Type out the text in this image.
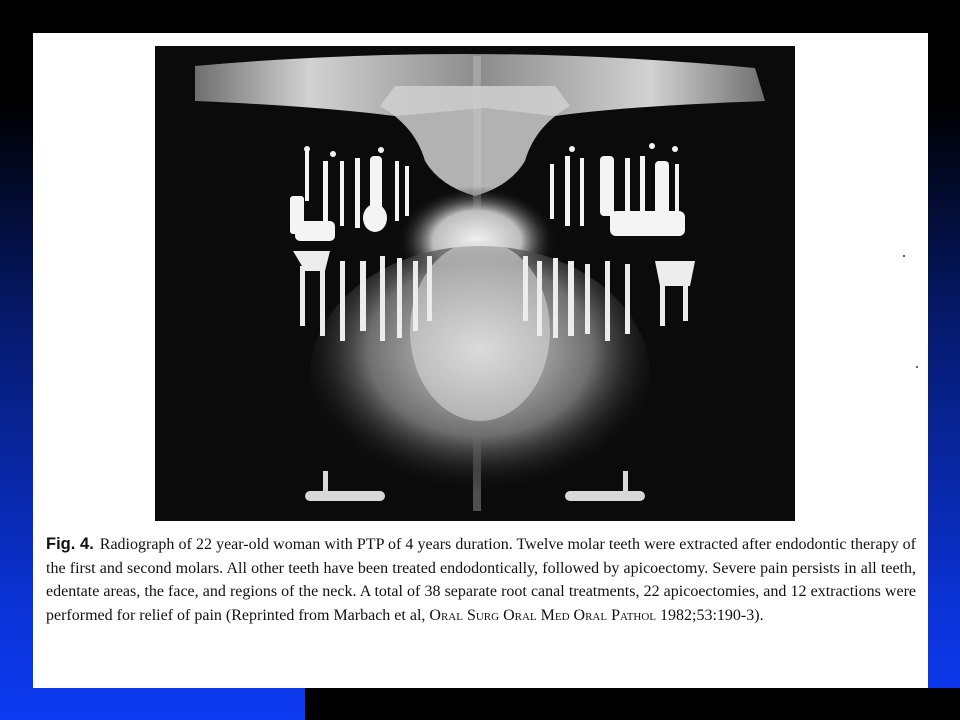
Fig. 4. Radiograph of 22 year-old woman with PTP of 4 years duration. Twelve molar teeth were extracted after endodontic therapy of the first and second molars. All other teeth have been treated endodontically, followed by apicoectomy. Severe pain persists in all teeth, edentate areas, the face, and regions of the neck. A total of 38 separate root canal treatments, 22 apicoectomies, and 12 extractions were performed for relief of pain (Reprinted from Marbach et al, Oral Surg Oral Med Oral Pathol 1982;53:190-3).
